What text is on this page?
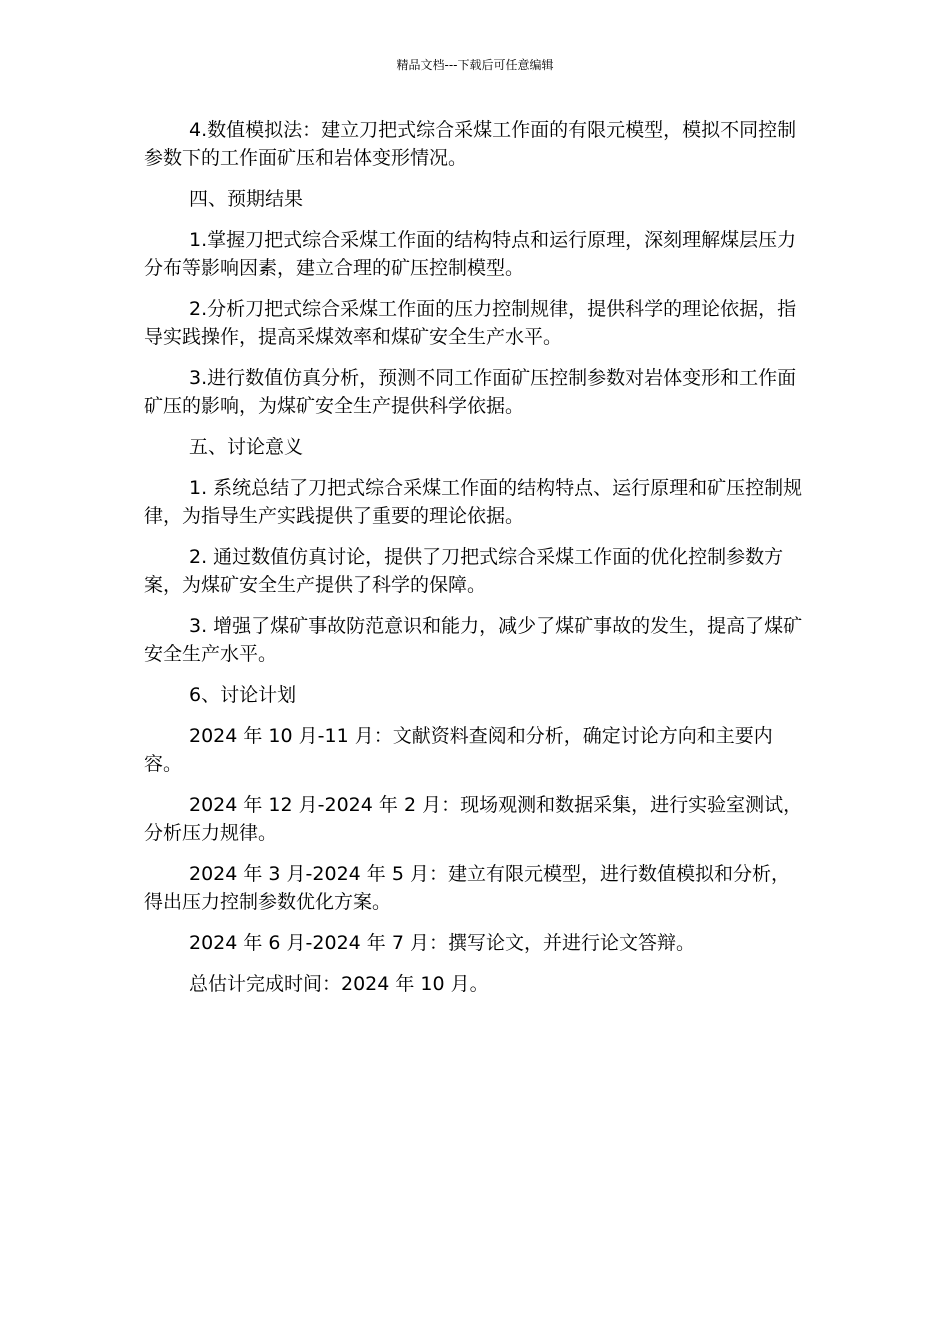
精品文档---下载后可任意编辑

4.数值模拟法：建立刀把式综合采煤工作面的有限元模型，模拟不同控制参数下的工作面矿压和岩体变形情况。

四、预期结果

1.掌握刀把式综合采煤工作面的结构特点和运行原理，深刻理解煤层压力分布等影响因素，建立合理的矿压控制模型。

2.分析刀把式综合采煤工作面的压力控制规律，提供科学的理论依据，指导实践操作，提高采煤效率和煤矿安全生产水平。

3.进行数值仿真分析，预测不同工作面矿压控制参数对岩体变形和工作面矿压的影响，为煤矿安全生产提供科学依据。

五、讨论意义

1. 系统总结了刀把式综合采煤工作面的结构特点、运行原理和矿压控制规律，为指导生产实践提供了重要的理论依据。

2. 通过数值仿真讨论，提供了刀把式综合采煤工作面的优化控制参数方案，为煤矿安全生产提供了科学的保障。

3. 增强了煤矿事故防范意识和能力，减少了煤矿事故的发生，提高了煤矿安全生产水平。

6、讨论计划

2024 年 10 月-11 月：文献资料查阅和分析，确定讨论方向和主要内容。

2024 年 12 月-2024 年 2 月：现场观测和数据采集，进行实验室测试，分析压力规律。

2024 年 3 月-2024 年 5 月：建立有限元模型，进行数值模拟和分析，得出压力控制参数优化方案。

2024 年 6 月-2024 年 7 月：撰写论文，并进行论文答辩。

总估计完成时间：2024 年 10 月。
